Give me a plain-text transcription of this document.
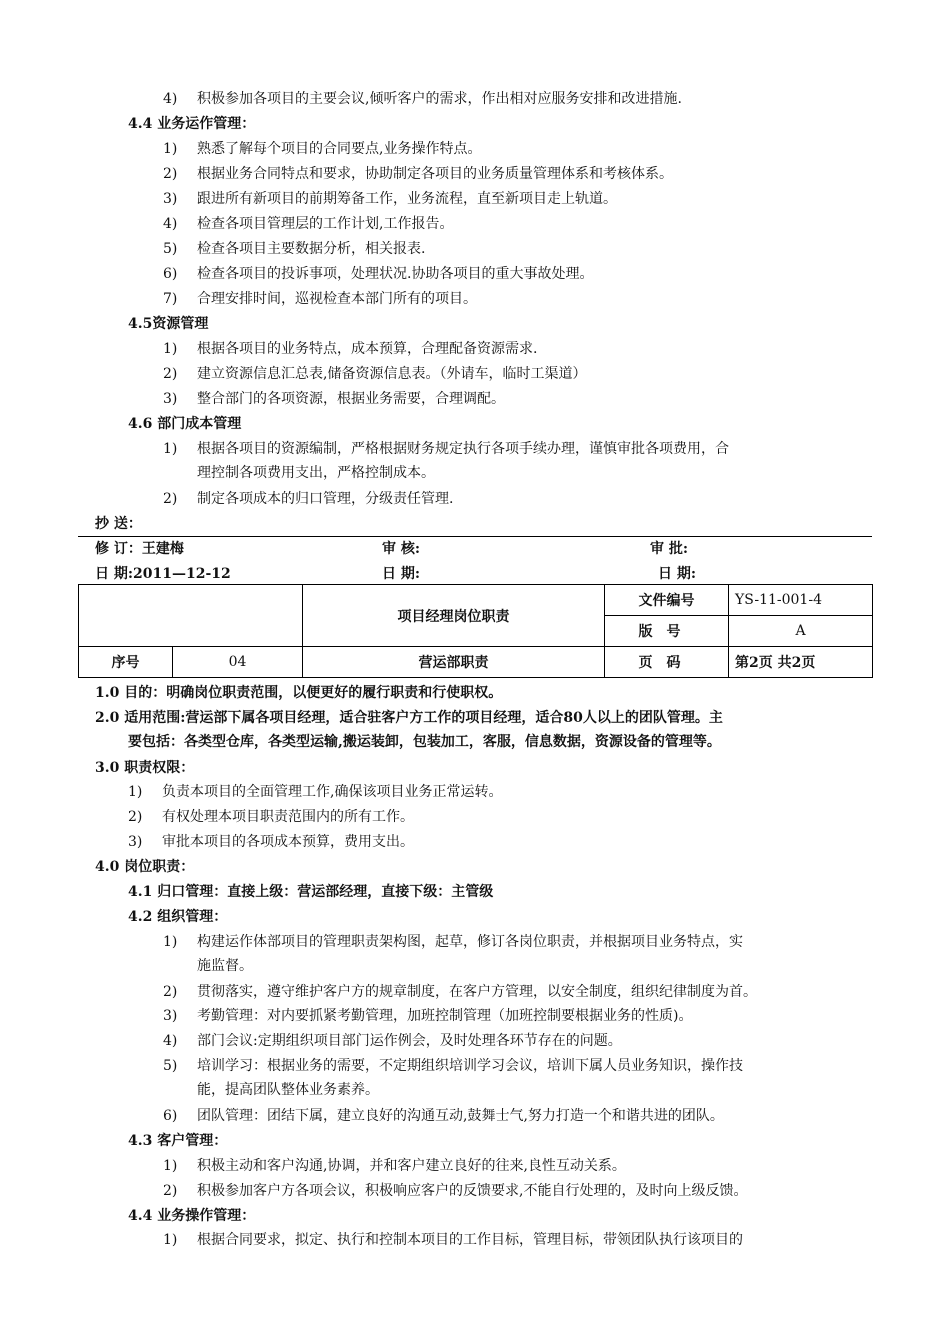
4) 积极参加各项目的主要会议,倾听客户的需求，作出相对应服务安排和改进措施.
4.4 业务运作管理：
1) 熟悉了解每个项目的合同要点,业务操作特点。
2) 根据业务合同特点和要求，协助制定各项目的业务质量管理体系和考核体系。
3) 跟进所有新项目的前期筹备工作，业务流程，直至新项目走上轨道。
4) 检查各项目管理层的工作计划,工作报告。
5) 检查各项目主要数据分析，相关报表.
6) 检查各项目的投诉事项，处理状况.协助各项目的重大事故处理。
7) 合理安排时间，巡视检查本部门所有的项目。
4.5资源管理
1) 根据各项目的业务特点，成本预算，合理配备资源需求.
2) 建立资源信息汇总表,储备资源信息表。（外请车，临时工渠道）
3) 整合部门的各项资源，根据业务需要，合理调配。
4.6 部门成本管理
1) 根据各项目的资源编制，严格根据财务规定执行各项手续办理，谨慎审批各项费用，合
理控制各项费用支出，严格控制成本。
2) 制定各项成本的归口管理，分级责任管理.
抄 送：
修 订：王建梅	审 核:	审 批:
日 期:2011—12-12	日 期:	日 期:
		项目经理岗位职责	文件编号	YS-11-001-4
			版号	A
序号	04	营运部职责	页码	第2页 共2页
1.0 目的：明确岗位职责范围，以便更好的履行职责和行使职权。
2.0 适用范围:营运部下属各项目经理，适合驻客户方工作的项目经理，适合80人以上的团队管理。主
要包括：各类型仓库，各类型运输,搬运装卸，包装加工，客服，信息数据，资源设备的管理等。
3.0 职责权限：
1) 负责本项目的全面管理工作,确保该项目业务正常运转。
2) 有权处理本项目职责范围内的所有工作。
3) 审批本项目的各项成本预算，费用支出。
4.0 岗位职责：
4.1 归口管理：直接上级：营运部经理，直接下级：主管级
4.2 组织管理：
1) 构建运作体部项目的管理职责架构图，起草，修订各岗位职责，并根据项目业务特点，实
施监督。
2) 贯彻落实，遵守维护客户方的规章制度，在客户方管理，以安全制度，组织纪律制度为首。
3) 考勤管理：对内要抓紧考勤管理，加班控制管理（加班控制要根据业务的性质)。
4) 部门会议:定期组织项目部门运作例会，及时处理各环节存在的问题。
5) 培训学习：根据业务的需要，不定期组织培训学习会议，培训下属人员业务知识，操作技
能，提高团队整体业务素养。
6) 团队管理：团结下属，建立良好的沟通互动,鼓舞士气,努力打造一个和谐共进的团队。
4.3 客户管理：
1) 积极主动和客户沟通,协调，并和客户建立良好的往来,良性互动关系。
2) 积极参加客户方各项会议，积极响应客户的反馈要求,不能自行处理的，及时向上级反馈。
4.4 业务操作管理：
1) 根据合同要求，拟定、执行和控制本项目的工作目标，管理目标，带领团队执行该项目的
